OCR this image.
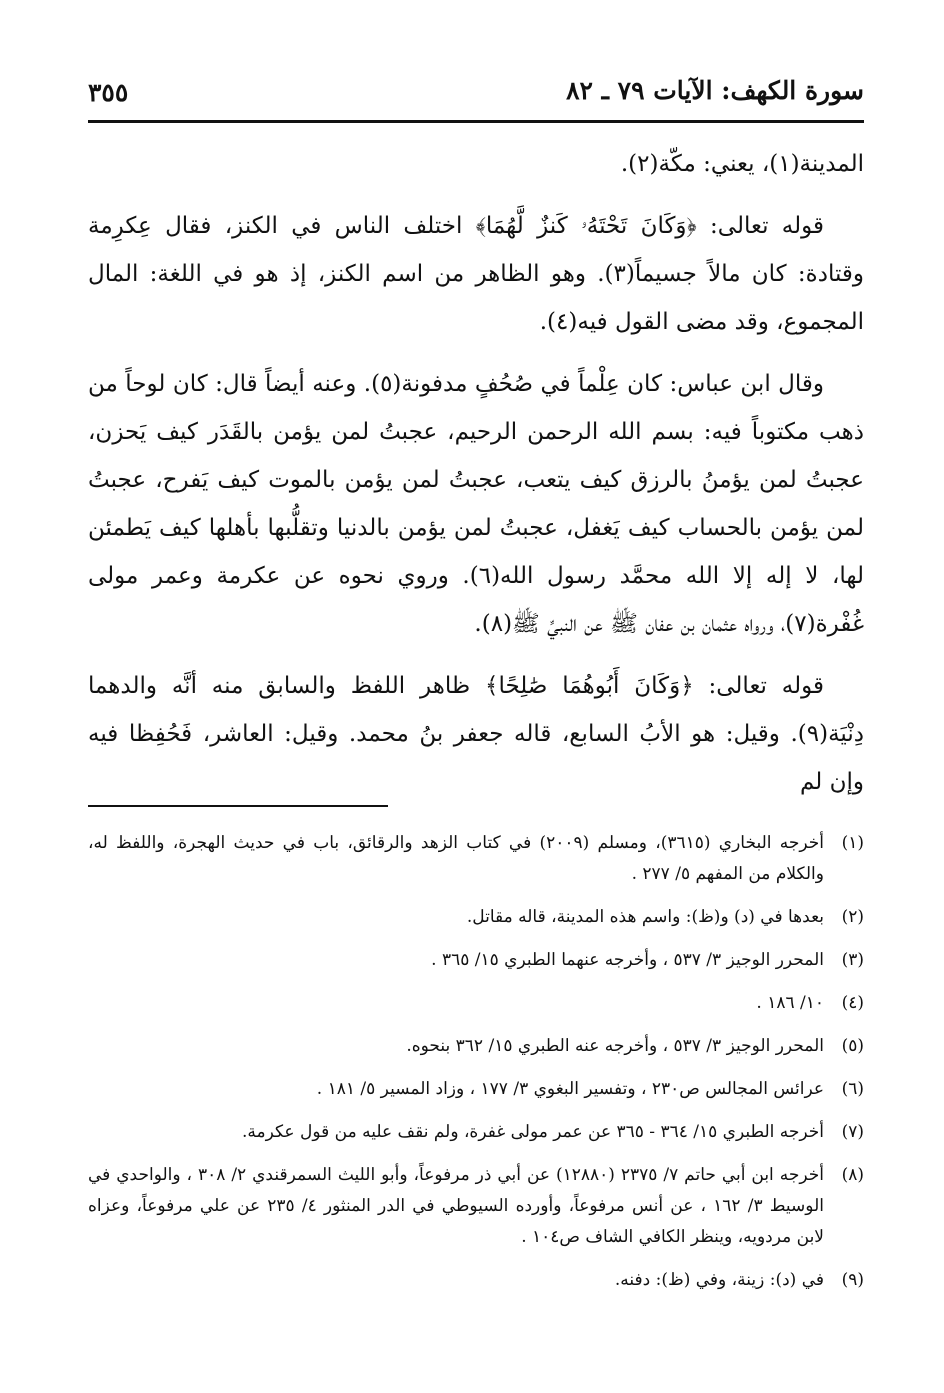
سورة الكهف: الآيات ٧٩ ـ ٨٢
٣٥٥

المدينة(١)، يعني: مكّة(٢).

قوله تعالى: ﴿وَكَانَ تَحْتَهُۥ كَنزٌ لَّهُمَا﴾ اختلف الناس في الكنز، فقال عِكرِمة وقتادة: كان مالاً جسيماً(٣). وهو الظاهر من اسم الكنز، إذ هو في اللغة: المال المجموع، وقد مضى القول فيه(٤).

وقال ابن عباس: كان عِلْماً في صُحُفٍ مدفونة(٥). وعنه أيضاً قال: كان لوحاً من ذهب مكتوباً فيه: بسم الله الرحمن الرحيم، عجبتُ لمن يؤمن بالقَدَر كيف يَحزن، عجبتُ لمن يؤمنُ بالرزق كيف يتعب، عجبتُ لمن يؤمن بالموت كيف يَفرح، عجبتُ لمن يؤمن بالحساب كيف يَغفل، عجبتُ لمن يؤمن بالدنيا وتقلُّبها بأهلها كيف يَطمئن لها، لا إله إلا الله محمَّد رسول الله(٦). وروي نحوه عن عكرمة وعمر مولى غُفْرة(٧)، ورواه عثمان بن عفان ﷺ عن النبيِّ ﷺ(٨).

قوله تعالى: ﴿وَكَانَ أَبُوهُمَا صَٰلِحًا﴾ ظاهر اللفظ والسابق منه أنَّه والدهما دِنْيَة(٩). وقيل: هو الأبُ السابع، قاله جعفر بنُ محمد. وقيل: العاشر، فَحُفِظا فيه وإن لم

(١)
أخرجه البخاري (٣٦١٥)، ومسلم (٢٠٠٩) في كتاب الزهد والرقائق، باب في حديث الهجرة، واللفظ له، والكلام من المفهم ٥/ ٢٧٧ .
(٢)
بعدها في (د) و(ظ): واسم هذه المدينة، قاله مقاتل.
(٣)
المحرر الوجيز ٣/ ٥٣٧ ، وأخرجه عنهما الطبري ١٥/ ٣٦٥ .
(٤)
١٠/ ١٨٦ .
(٥)
المحرر الوجيز ٣/ ٥٣٧ ، وأخرجه عنه الطبري ١٥/ ٣٦٢ بنحوه.
(٦)
عرائس المجالس ص٢٣٠ ، وتفسير البغوي ٣/ ١٧٧ ، وزاد المسير ٥/ ١٨١ .
(٧)
أخرجه الطبري ١٥/ ٣٦٤ - ٣٦٥ عن عمر مولى غفرة، ولم نقف عليه من قول عكرمة.
(٨)
أخرجه ابن أبي حاتم ٧/ ٢٣٧٥ (١٢٨٨٠) عن أبي ذر مرفوعاً، وأبو الليث السمرقندي ٢/ ٣٠٨ ، والواحدي في الوسيط ٣/ ١٦٢ ، عن أنس مرفوعاً، وأورده السيوطي في الدر المنثور ٤/ ٢٣٥ عن علي مرفوعاً، وعزاه لابن مردويه، وينظر الكافي الشاف ص١٠٤ .
(٩)
في (د): زينة، وفي (ظ): دفنه.
